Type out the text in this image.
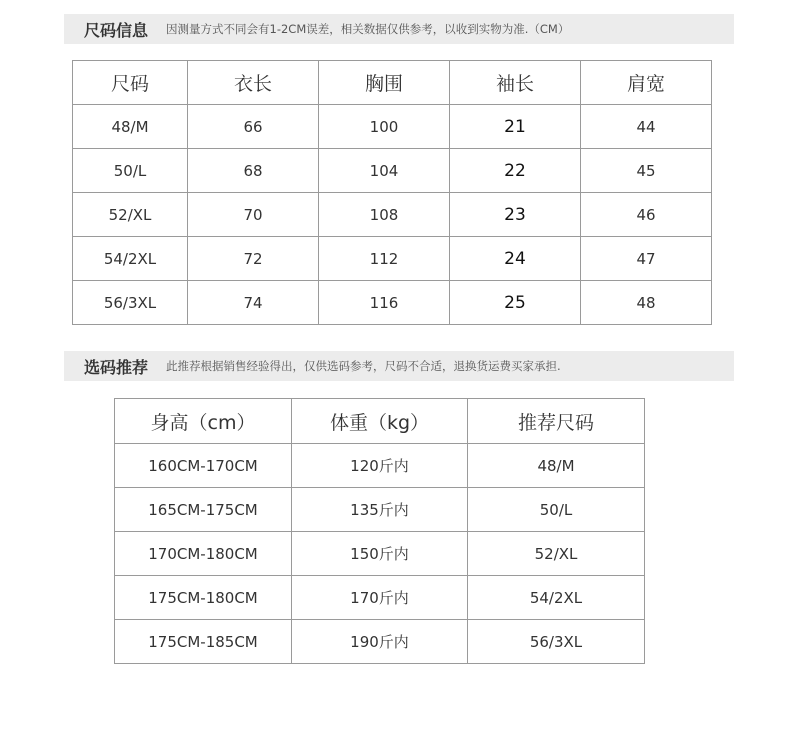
尺码信息	因测量方式不同会有1-2CM误差，相关数据仅供参考，以收到实物为准.（CM）
尺码	衣长	胸围	袖长	肩宽
48/M	66	100	21	44
50/L	68	104	22	45
52/XL	70	108	23	46
54/2XL	72	112	24	47
56/3XL	74	116	25	48
选码推荐	此推荐根据销售经验得出，仅供选码参考，尺码不合适，退换货运费买家承担.
身高（cm）	体重（kg）	推荐尺码
160CM-170CM	120斤内	48/M
165CM-175CM	135斤内	50/L
170CM-180CM	150斤内	52/XL
175CM-180CM	170斤内	54/2XL
175CM-185CM	190斤内	56/3XL
